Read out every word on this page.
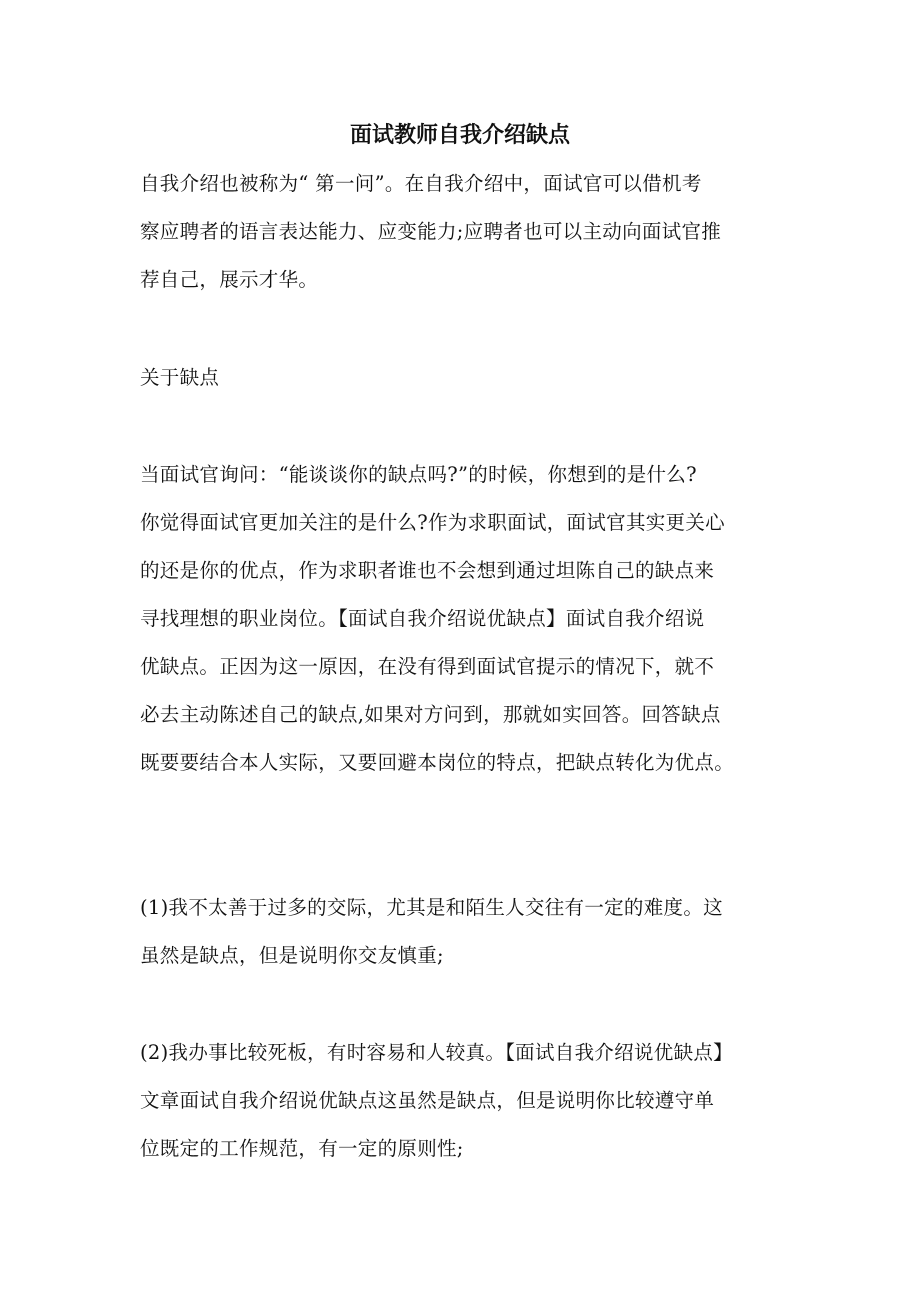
面试教师自我介绍缺点
自我介绍也被称为“ 第一问”。在自我介绍中，面试官可以借机考
察应聘者的语言表达能力、应变能力;应聘者也可以主动向面试官推
荐自己，展示才华。
关于缺点
当面试官询问：“能谈谈你的缺点吗?”的时候，你想到的是什么?
你觉得面试官更加关注的是什么?作为求职面试，面试官其实更关心
的还是你的优点，作为求职者谁也不会想到通过坦陈自己的缺点来
寻找理想的职业岗位。【面试自我介绍说优缺点】面试自我介绍说
优缺点。正因为这一原因，在没有得到面试官提示的情况下，就不
必去主动陈述自己的缺点,如果对方问到，那就如实回答。回答缺点
既要要结合本人实际，又要回避本岗位的特点，把缺点转化为优点。
(1)我不太善于过多的交际，尤其是和陌生人交往有一定的难度。这
虽然是缺点，但是说明你交友慎重;
(2)我办事比较死板，有时容易和人较真。【面试自我介绍说优缺点】
文章面试自我介绍说优缺点这虽然是缺点，但是说明你比较遵守单
位既定的工作规范，有一定的原则性;
